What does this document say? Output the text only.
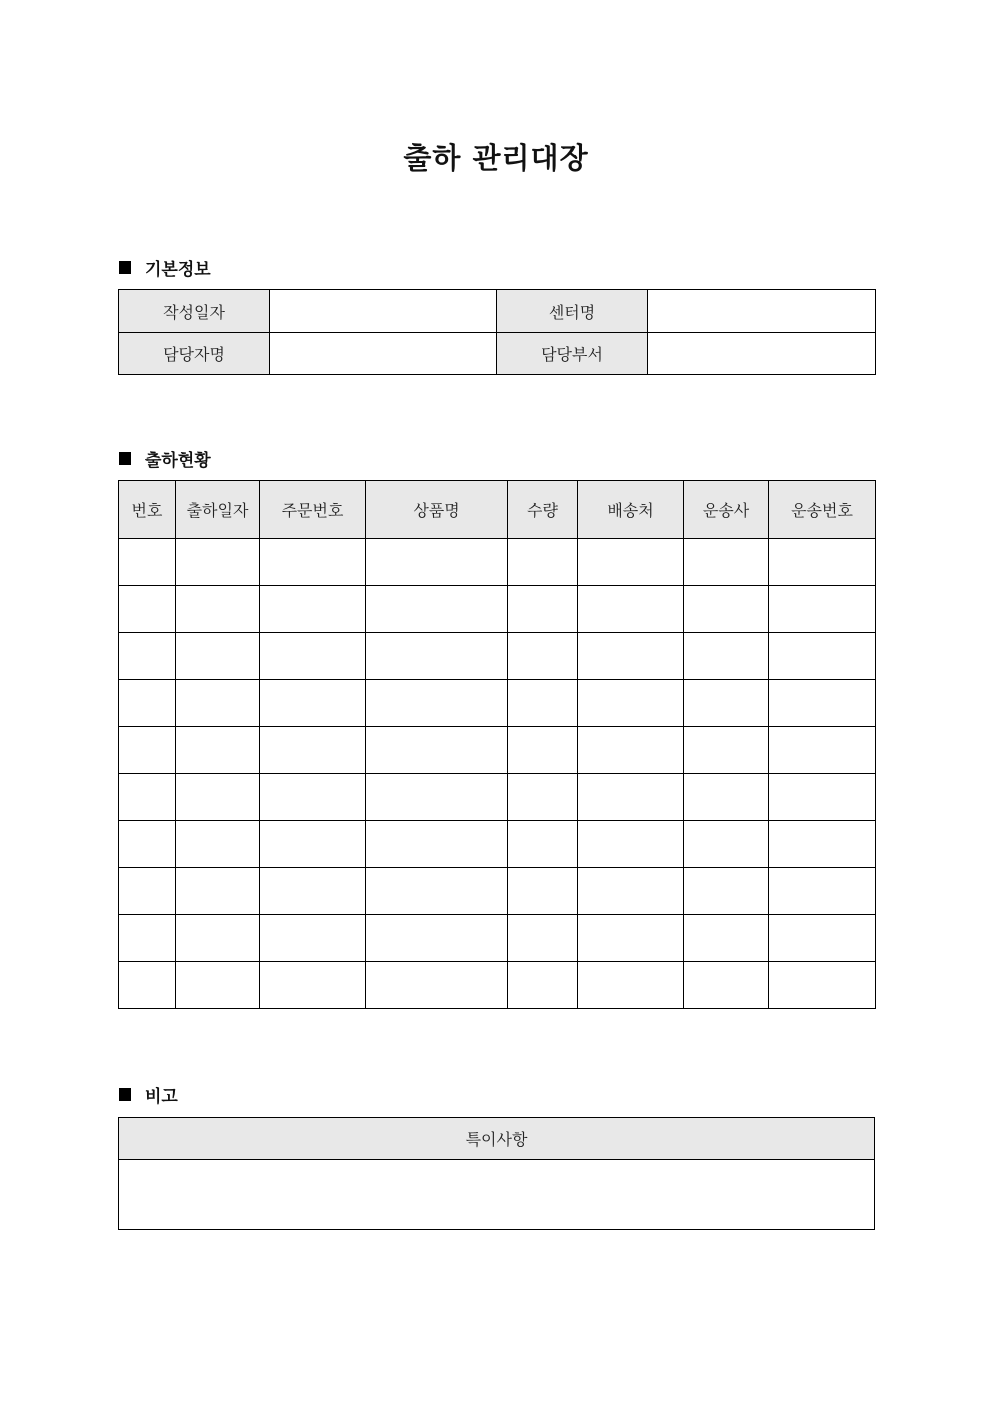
출하 관리대장
기본정보
작성일자		센터명	
담당자명		담당부서	
출하현황
번호	출하일자	주문번호	상품명	수량	배송처	운송사	운송번호

비고
특이사항
